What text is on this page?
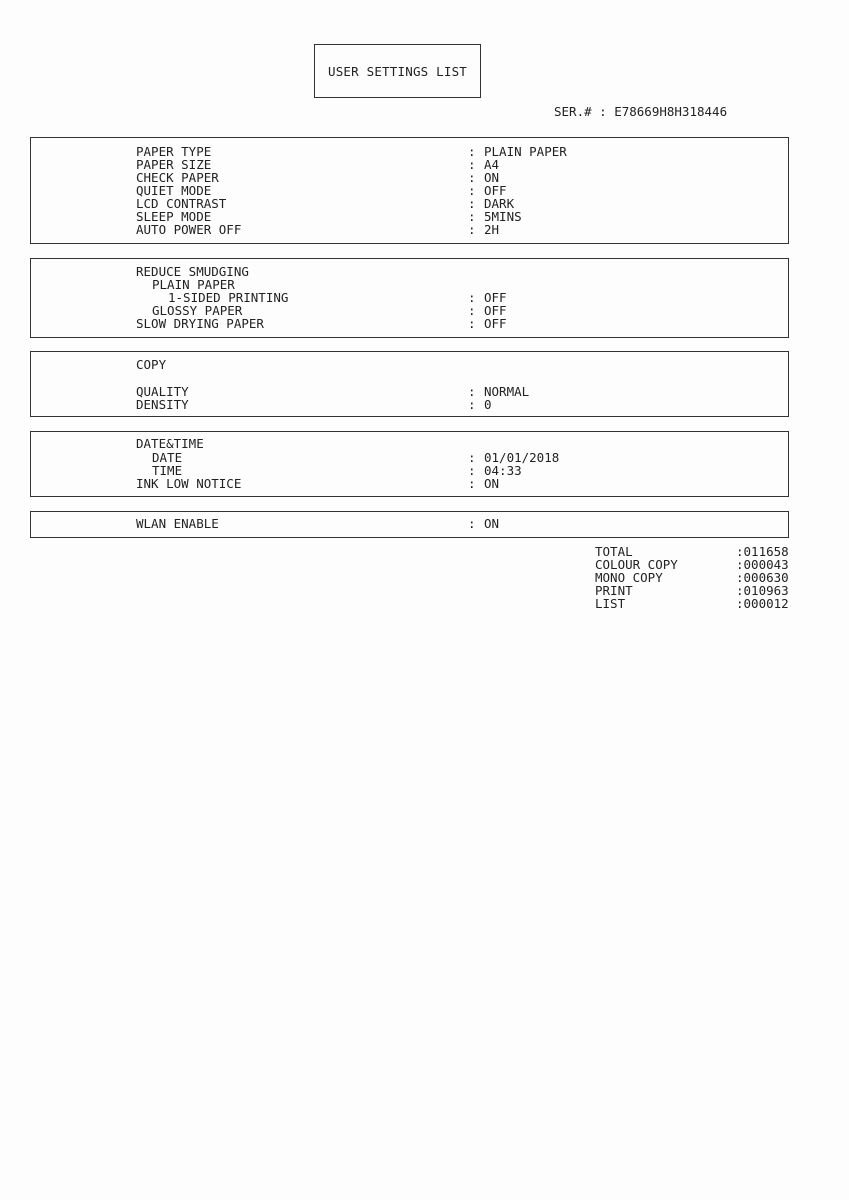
USER SETTINGS LIST
SER.# : E78669H8H318446
PAPER TYPE	: PLAIN PAPER
PAPER SIZE	: A4
CHECK PAPER	: ON
QUIET MODE	: OFF
LCD CONTRAST	: DARK
SLEEP MODE	: 5MINS
AUTO POWER OFF	: 2H
REDUCE SMUDGING
PLAIN PAPER
1-SIDED PRINTING	: OFF
GLOSSY PAPER	: OFF
SLOW DRYING PAPER	: OFF
COPY
QUALITY	: NORMAL
DENSITY	: 0
DATE&TIME
DATE	: 01/01/2018
TIME	: 04:33
INK LOW NOTICE	: ON
WLAN ENABLE	: ON
TOTAL	:011658
COLOUR COPY	:000043
MONO COPY	:000630
PRINT	:010963
LIST	:000012
